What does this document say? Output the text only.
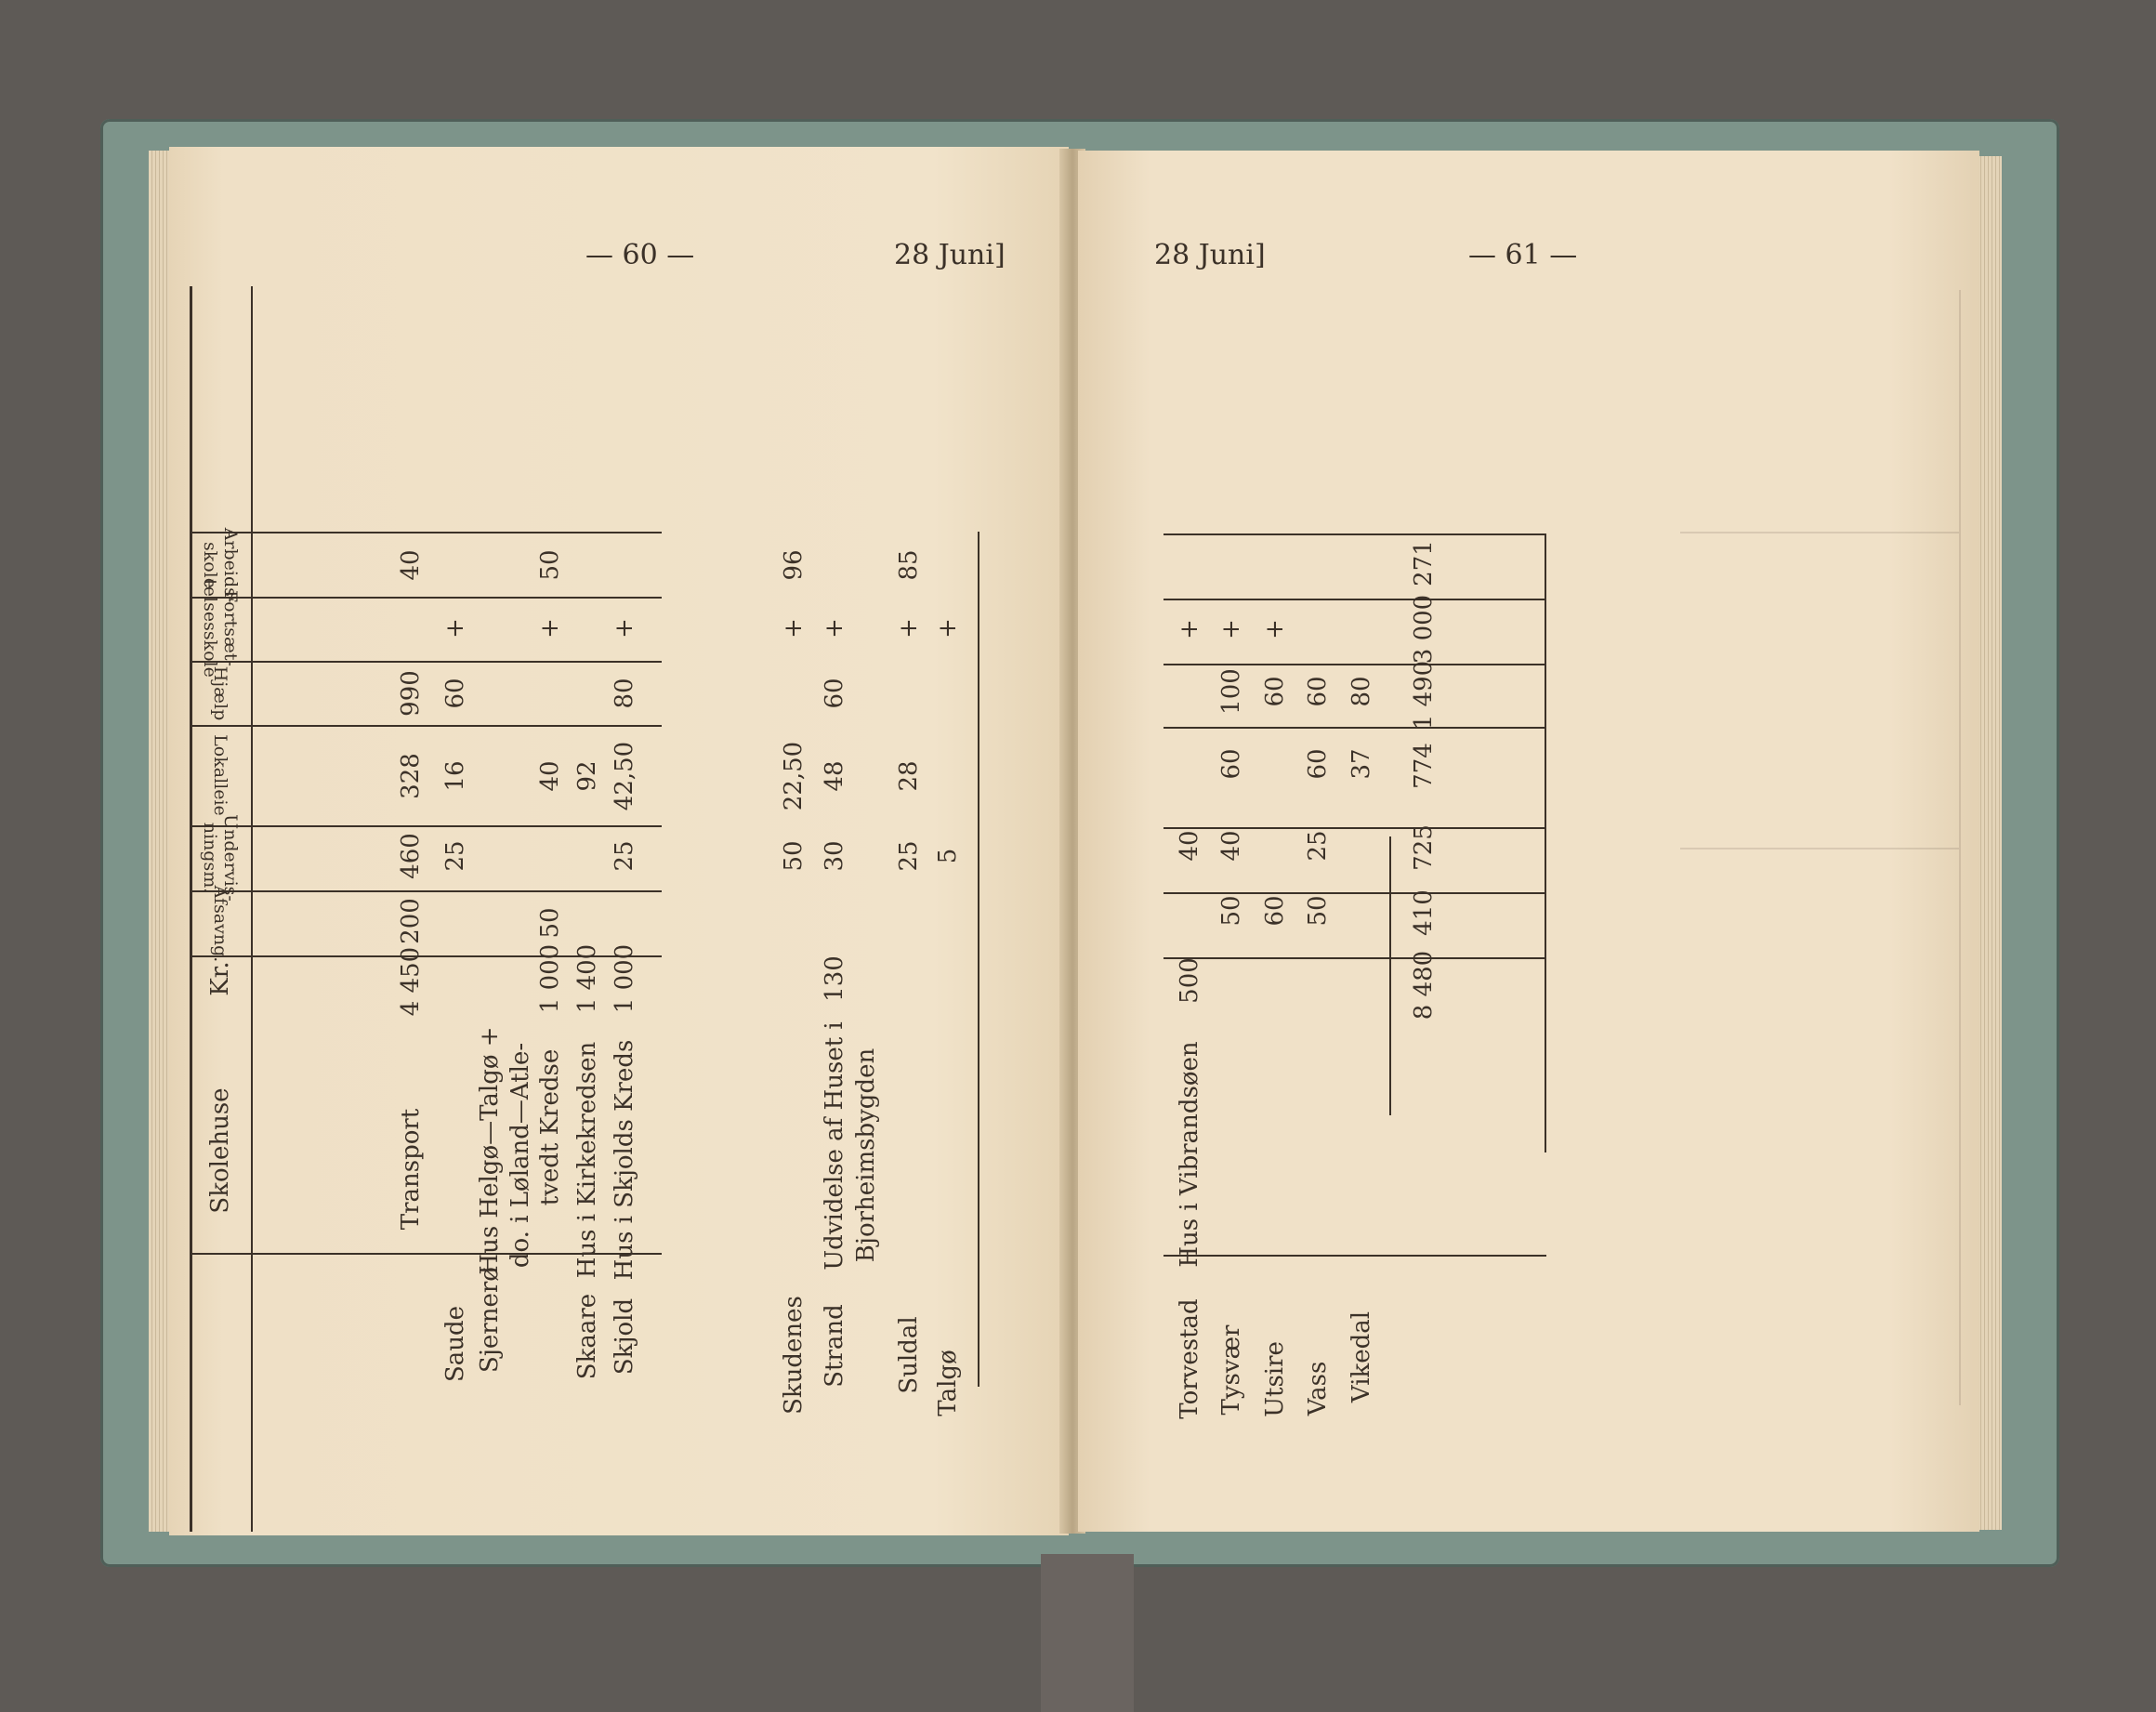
— 60 —	28 Juni]
Skolehuse
Kr.
Afsavng.
Undervis-
ningsm.
Lokalleie
Hjælp
Fortsæt-
telsesskole
Arbeids-
skole
Transport
4 450
200
460
328
990
40
Saude
25
16
60
+
Sjernerø
Hus Helgø—Talgø + do. i Løland—Atle- tvedt Kredse
1 000
50
40
+
50
Skaare
Hus i Kirkekredsen
1 400
92
Skjold
Hus i Skjolds Kreds
1 000
25
42,50
80
+
Skudenes
50
22,50
+
96
Strand
Udvidelse af Huset i Bjorheimsbygden
130
30
48
60
+
Suldal
25
28
+
85
Talgø
5
+
28 Juni]	— 61 —
Torvestad
Hus i Vibrandsøen
500
40
+
Tysvær
50
40
60
100
+
Utsire
60
60
+
Vass
50
25
60
60
Vikedal
37
80
8 480
410
725
774
1 490
3 000
271
